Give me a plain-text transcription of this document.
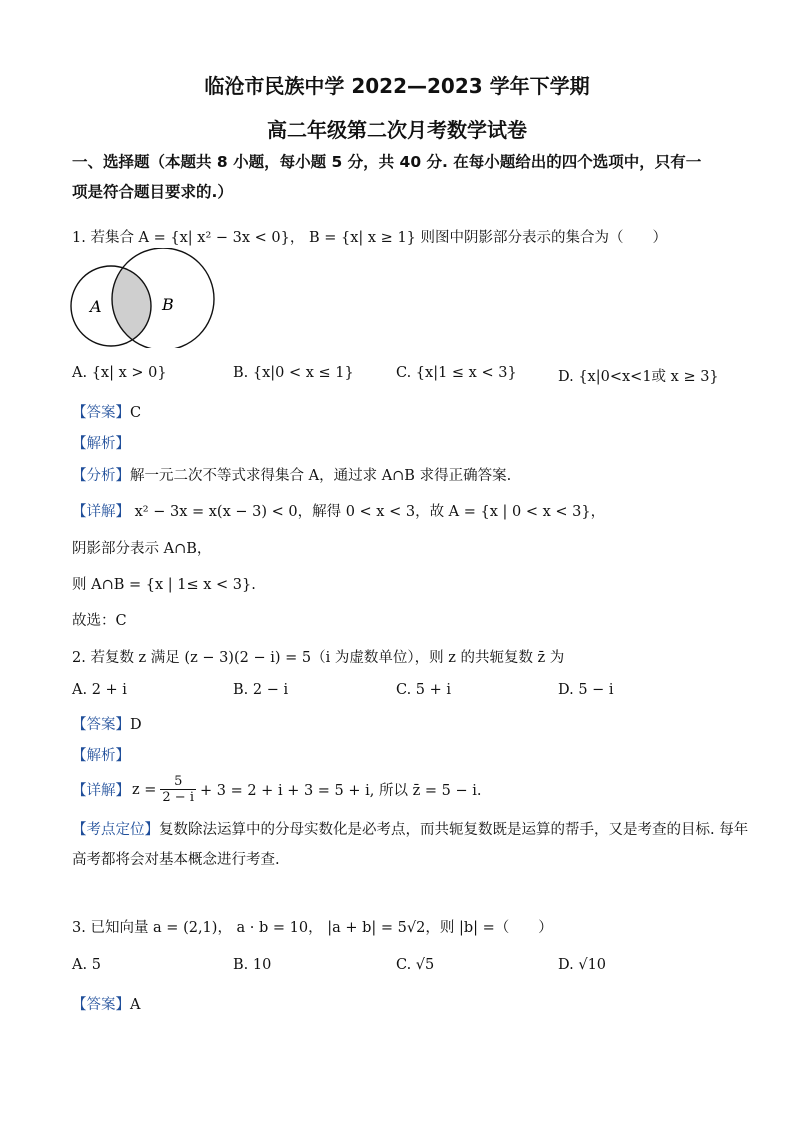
临沧市民族中学 2022—2023 学年下学期
高二年级第二次月考数学试卷
一、选择题（本题共 8 小题，每小题 5 分，共 40 分. 在每小题给出的四个选项中，只有一
项是符合题目要求的.）
1. 若集合 A = {x| x² − 3x < 0}， B = {x| x ≥ 1} 则图中阴影部分表示的集合为（　　）
A	B
A. {x| x > 0}	B. {x|0 < x ≤ 1}	C. {x|1 ≤ x < 3}	D. {x|0<x<1或 x ≥ 3}
【答案】C
【解析】
【分析】解一元二次不等式求得集合 A，通过求 A∩B 求得正确答案.
【详解】 x² − 3x = x(x − 3) < 0，解得 0 < x < 3，故 A = {x | 0 < x < 3}，
阴影部分表示 A∩B，
则 A∩B = {x | 1≤ x < 3}.
故选：C
2. 若复数 z 满足 (z − 3)(2 − i) = 5（i 为虚数单位），则 z 的共轭复数 z̄ 为
A. 2 + i	B. 2 − i	C. 5 + i	D. 5 − i
【答案】D
【解析】
【详解】 $z = \frac{5}{2 - i} + 3 = 2 + i + 3 = 5 + i$, 所以 z̄ = 5 − i.
【考点定位】复数除法运算中的分母实数化是必考点，而共轭复数既是运算的帮手，又是考查的目标. 每年
高考都将会对基本概念进行考查.
3. 已知向量 a = (2,1)， a · b = 10， |a + b| = 5√2，则 |b| =（　　）
A. 5	B. 10	C. √5	D. √10
【答案】A
